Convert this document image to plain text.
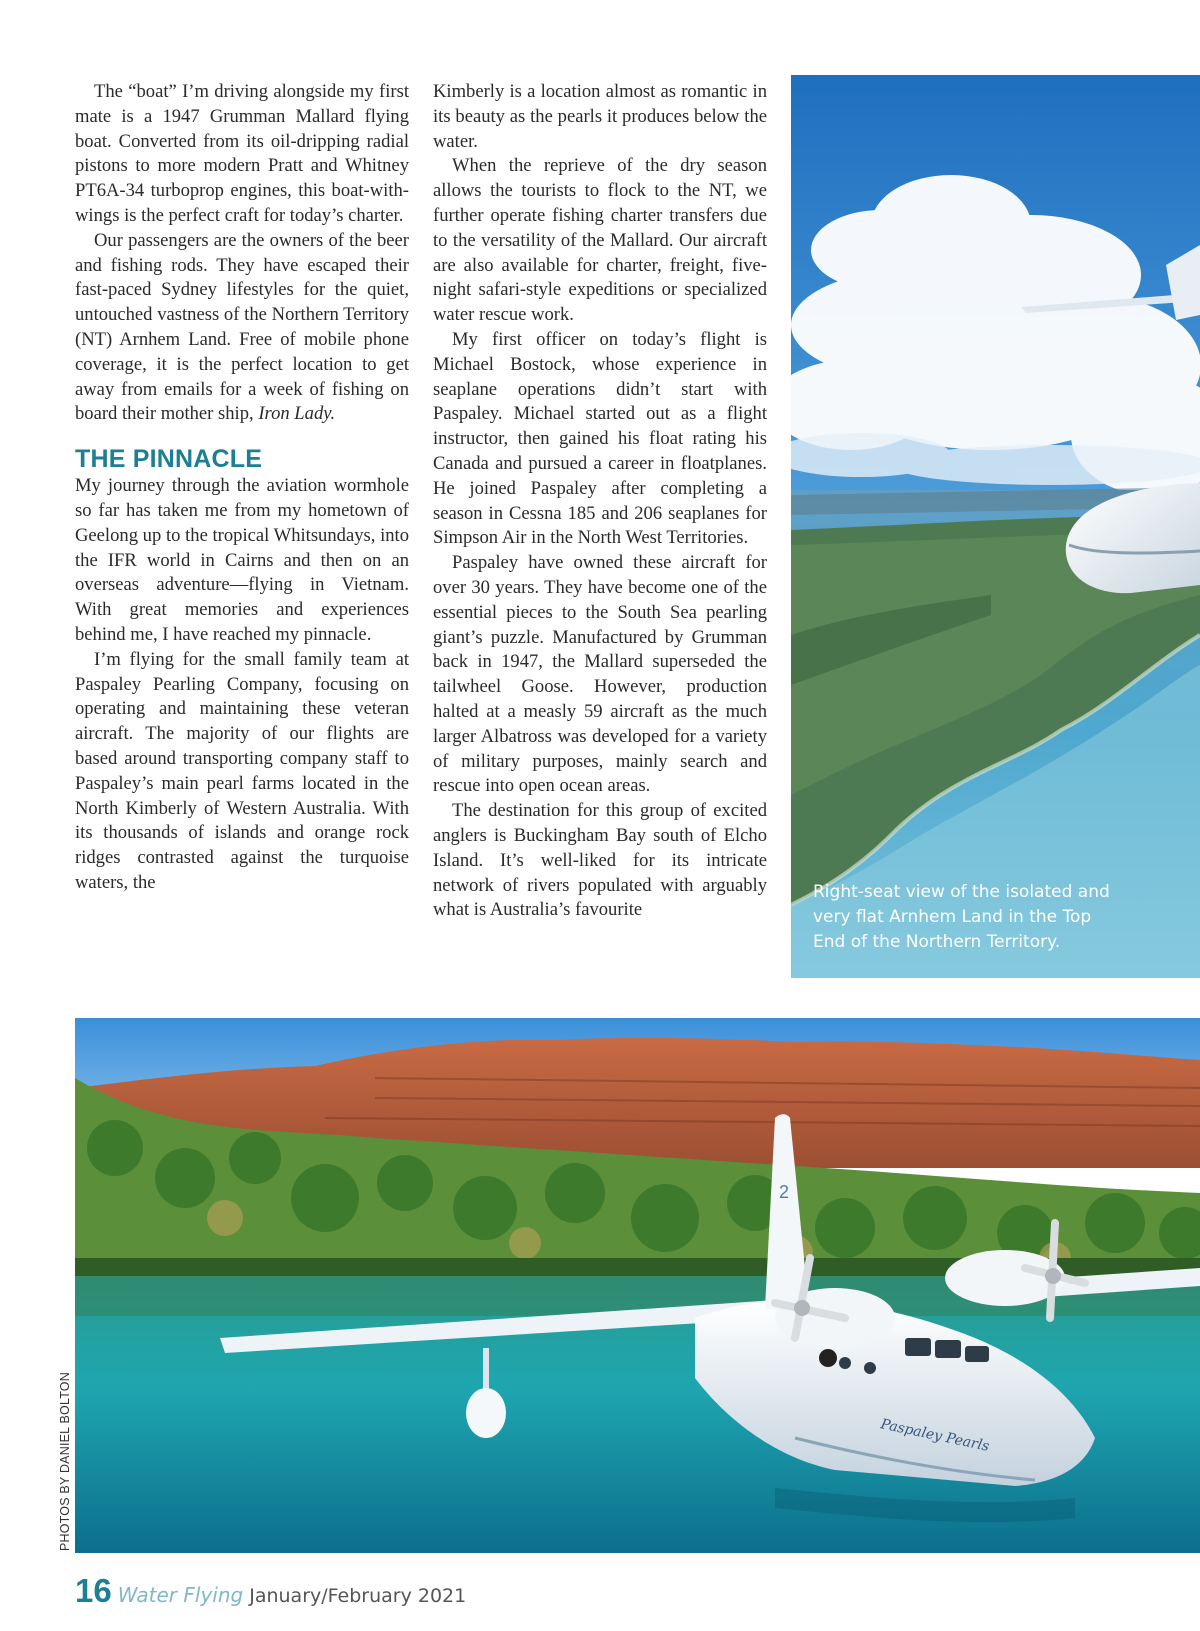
The “boat” I’m driving alongside my first mate is a 1947 Grumman Mallard flying boat. Converted from its oil-dripping radial pistons to more modern Pratt and Whitney PT6A-34 turboprop engines, this boat-with-wings is the perfect craft for today’s charter.

Our passengers are the owners of the beer and fishing rods. They have escaped their fast-paced Sydney lifestyles for the quiet, untouched vastness of the Northern Territory (NT) Arnhem Land. Free of mobile phone coverage, it is the perfect location to get away from emails for a week of fishing on board their mother ship, Iron Lady.

THE PINNACLE

My journey through the aviation wormhole so far has taken me from my hometown of Geelong up to the tropical Whitsundays, into the IFR world in Cairns and then on an overseas adventure—flying in Vietnam. With great memories and experiences behind me, I have reached my pinnacle.

I’m flying for the small family team at Paspaley Pearling Company, focusing on operating and maintaining these veteran aircraft. The majority of our flights are based around transporting company staff to Paspaley’s main pearl farms located in the North Kimberly of Western Australia. With its thousands of islands and orange rock ridges contrasted against the turquoise waters, the

Kimberly is a location almost as romantic in its beauty as the pearls it produces below the water.

When the reprieve of the dry season allows the tourists to flock to the NT, we further operate fishing charter transfers due to the versatility of the Mallard. Our aircraft are also available for charter, freight, five-night safari-style expeditions or specialized water rescue work.

My first officer on today’s flight is Michael Bostock, whose experience in seaplane operations didn’t start with Paspaley. Michael started out as a flight instructor, then gained his float rating his Canada and pursued a career in floatplanes. He joined Paspaley after completing a season in Cessna 185 and 206 seaplanes for Simpson Air in the North West Territories.

Paspaley have owned these aircraft for over 30 years. They have become one of the essential pieces to the South Sea pearling giant’s puzzle. Manufactured by Grumman back in 1947, the Mallard superseded the tailwheel Goose. However, production halted at a measly 59 aircraft as the much larger Albatross was developed for a variety of military purposes, mainly search and rescue into open ocean areas.

The destination for this group of excited anglers is Buckingham Bay south of Elcho Island. It’s well-liked for its intricate network of rivers populated with arguably what is Australia’s favourite

Right-seat view of the isolated and very flat Arnhem Land in the Top End of the Northern Territory.
2
Paspaley Pearls
PHOTOS BY DANIEL BOLTON
16 Water Flying January/February 2021
